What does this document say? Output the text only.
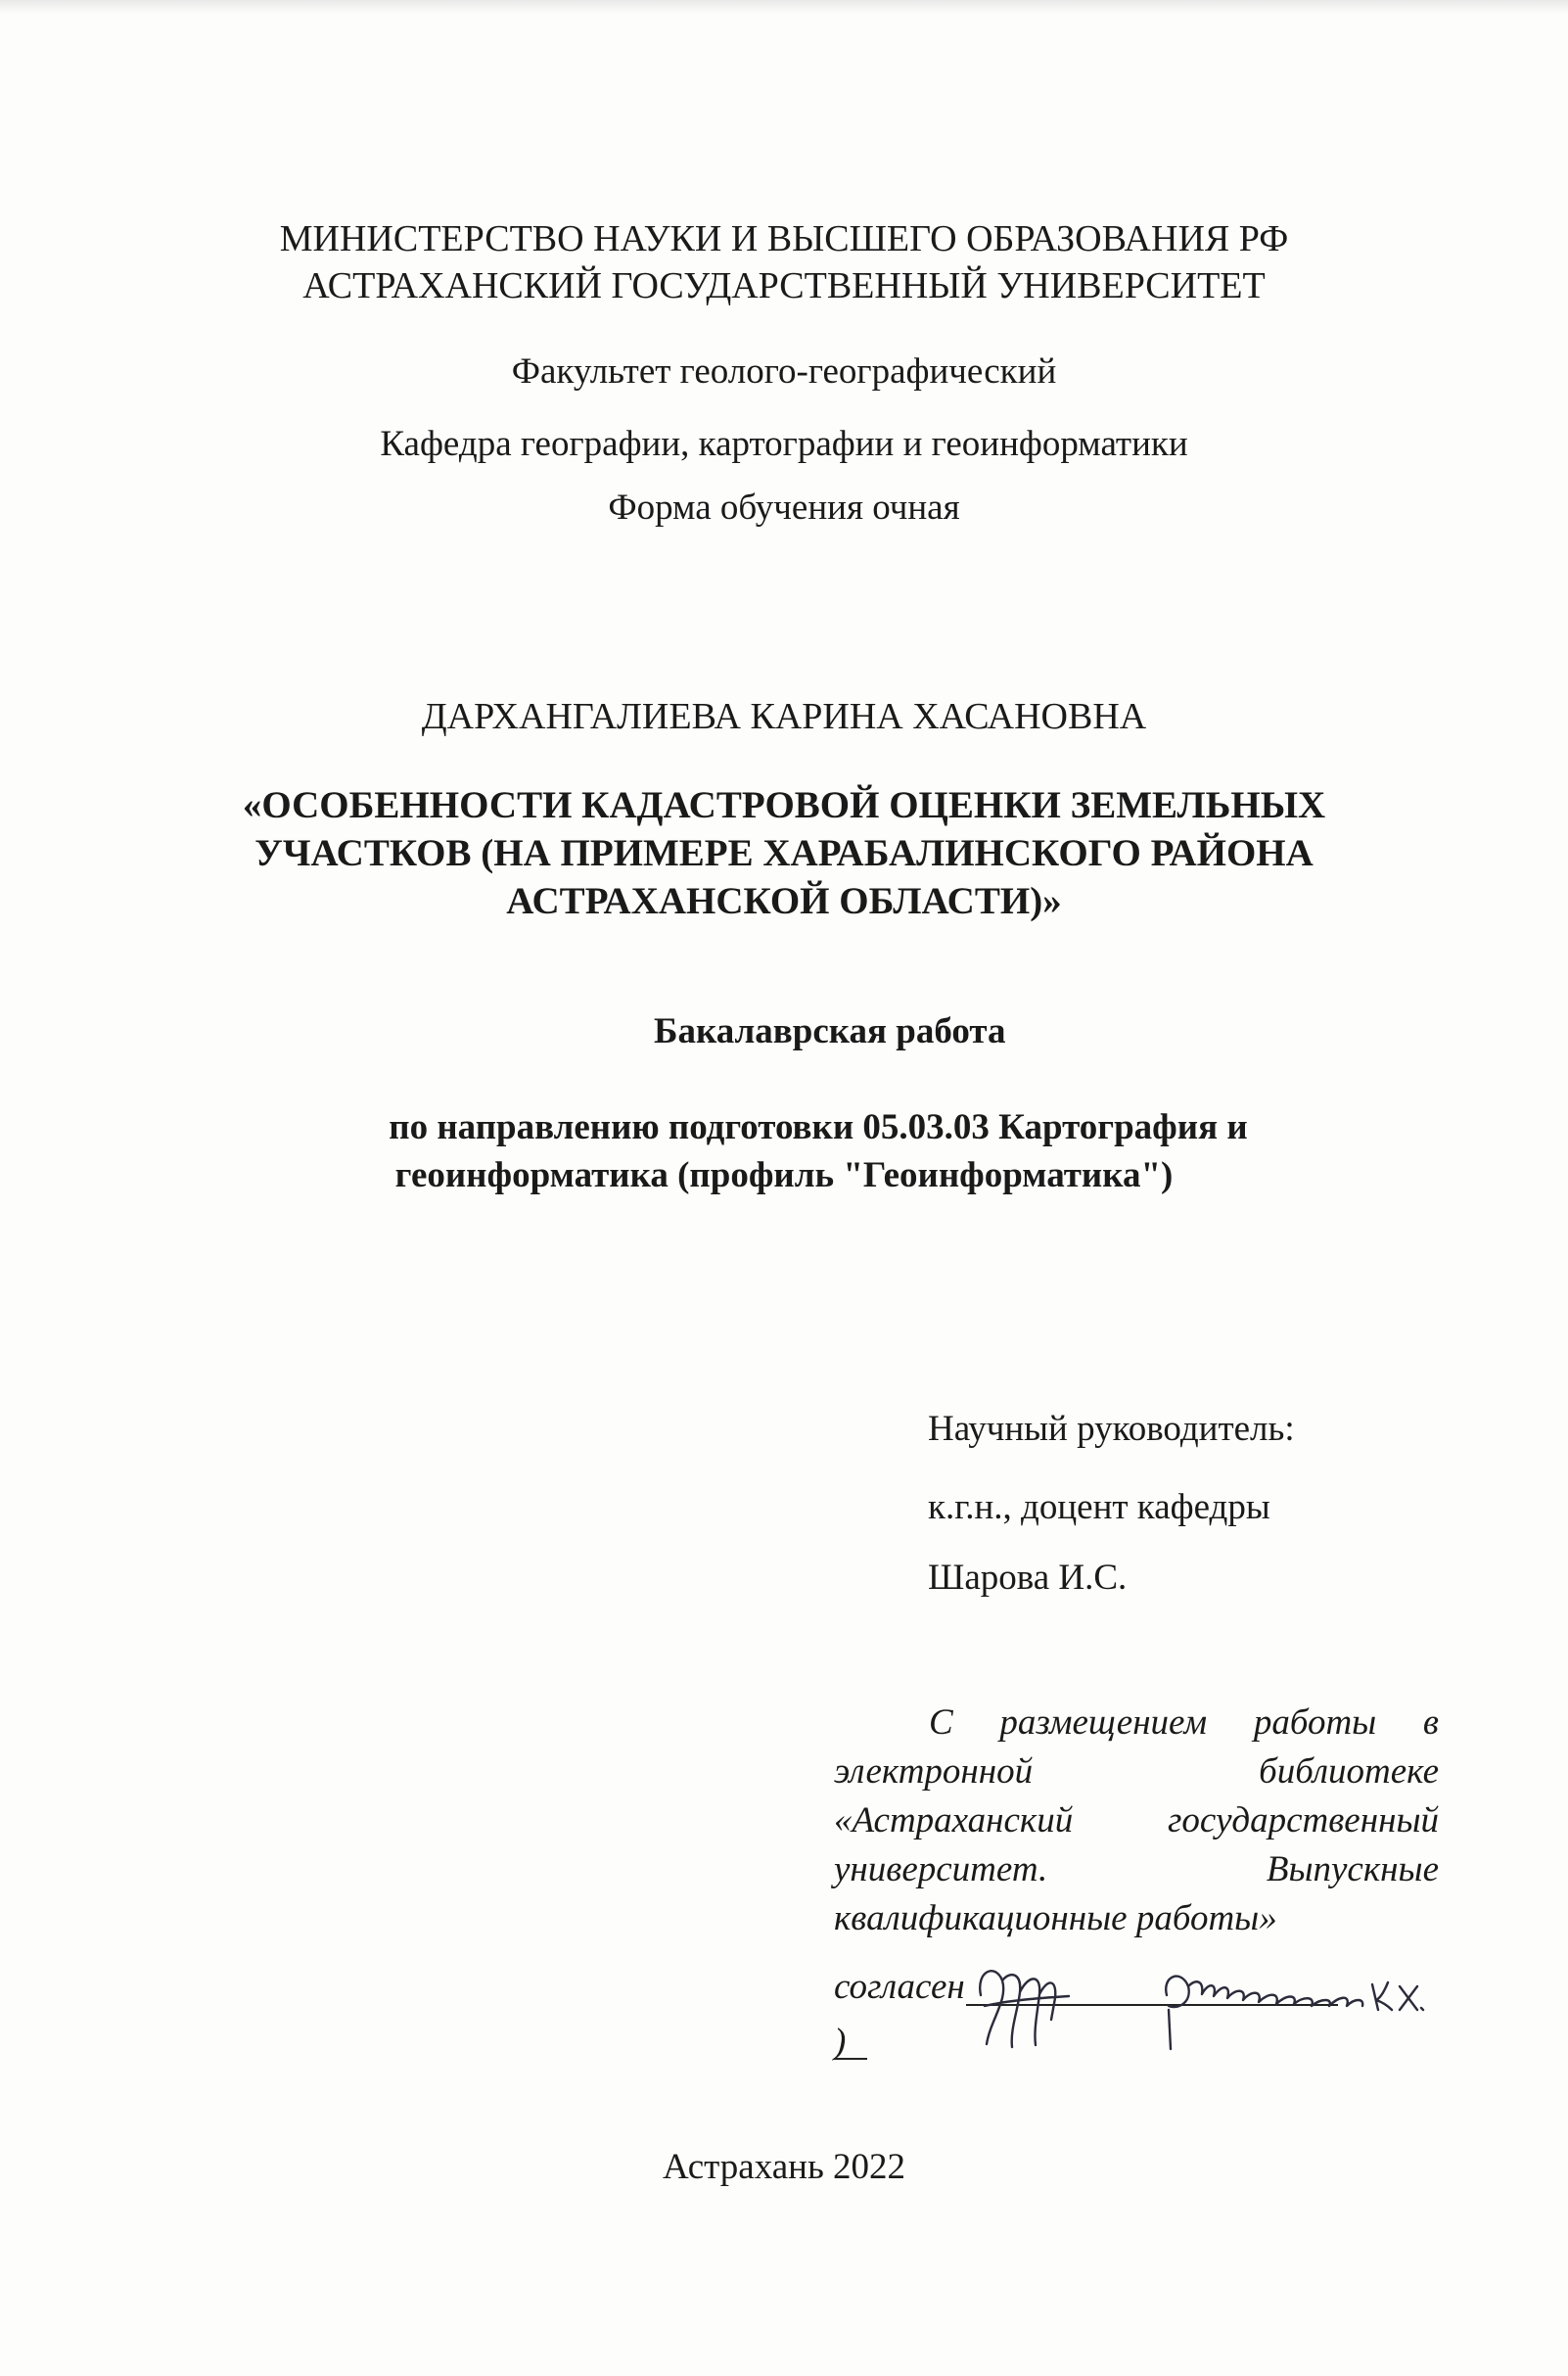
МИНИСТЕРСТВО НАУКИ И ВЫСШЕГО ОБРАЗОВАНИЯ РФ
АСТРАХАНСКИЙ ГОСУДАРСТВЕННЫЙ УНИВЕРСИТЕТ
Факультет геолого-географический
Кафедра географии, картографии и геоинформатики
Форма обучения очная
ДАРХАНГАЛИЕВА КАРИНА ХАСАНОВНА
«ОСОБЕННОСТИ КАДАСТРОВОЙ ОЦЕНКИ ЗЕМЕЛЬНЫХ
УЧАСТКОВ (НА ПРИМЕРЕ ХАРАБАЛИНСКОГО РАЙОНА
АСТРАХАНСКОЙ ОБЛАСТИ)»
Бакалаврская работа
по направлению подготовки 05.03.03 Картография и
геоинформатика (профиль "Геоинформатика")
Научный руководитель:
к.г.н., доцент кафедры
Шарова И.С.
С размещением работы в электронной библиотеке «Астраханский государственный университет. Выпускные квалификационные работы»
согласен
)
Астрахань 2022
